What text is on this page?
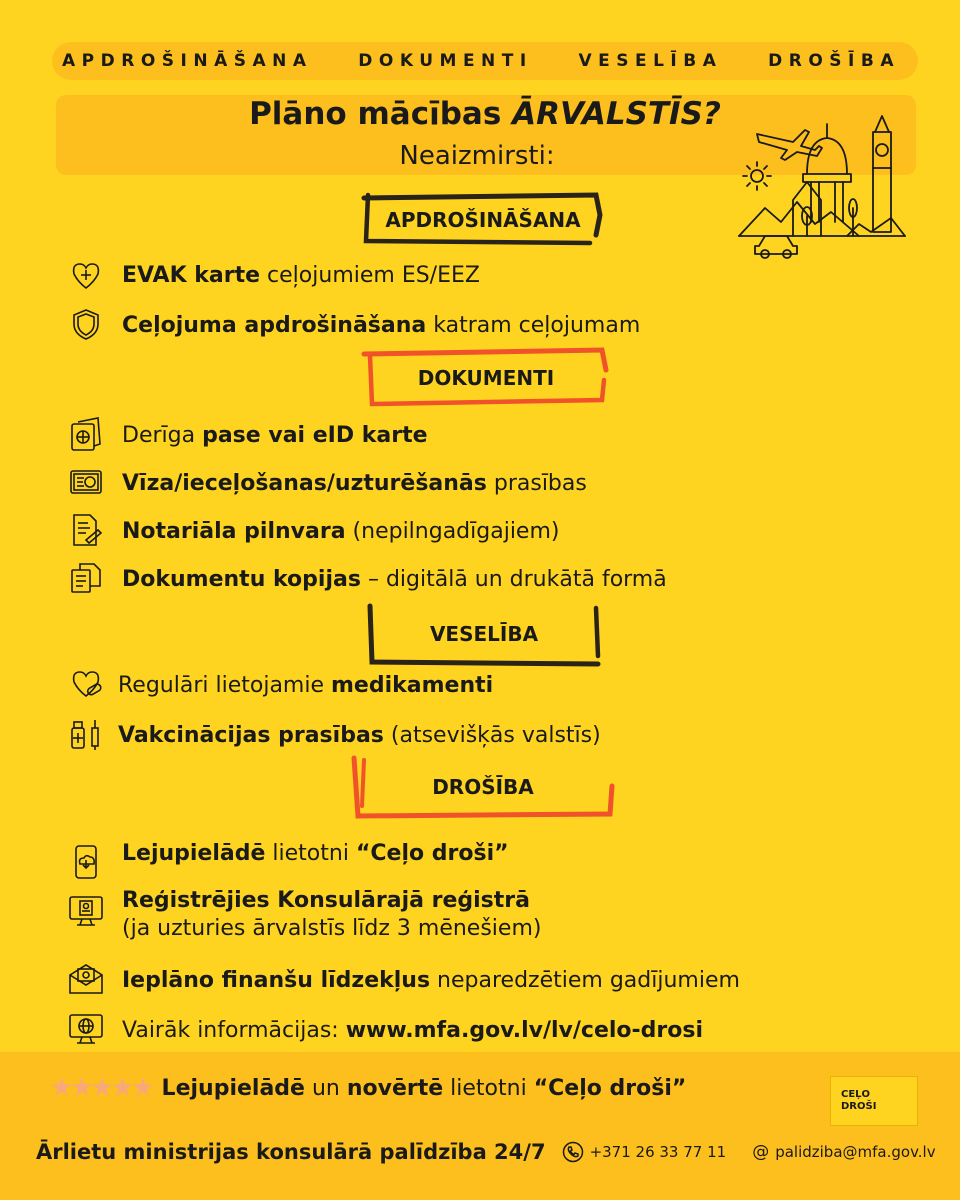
APDROŠINĀŠANA	DOKUMENTI	VESELĪBA	DROŠĪBA
Plāno mācības ĀRVALSTĪS?
Neaizmirsti:
APDROŠINĀŠANA
EVAK karte ceļojumiem ES/EEZ
Ceļojuma apdrošināšana katram ceļojumam
DOKUMENTI
Derīga pase vai eID karte
Vīza/ieceļošanas/uzturēšanās prasības
Notariāla pilnvara (nepilngadīgajiem)
Dokumentu kopijas – digitālā un drukātā formā
VESELĪBA
Regulāri lietojamie medikamenti
Vakcinācijas prasības (atsevišķās valstīs)
DROŠĪBA
Lejupielādē lietotni “Ceļo droši”
Reģistrējies Konsulārajā reģistrā
(ja uzturies ārvalstīs līdz 3 mēnešiem)
Ieplāno finanšu līdzekļus neparedzētiem gadījumiem
Vairāk informācijas: www.mfa.gov.lv/lv/celo-drosi
★★★★★ Lejupielādē un novērtē lietotni “Ceļo droši”	CEĻO
DROŠI
Ārlietu ministrijas konsulārā palīdzība 24/7	+371 26 33 77 11 @ palidziba@mfa.gov.lv
